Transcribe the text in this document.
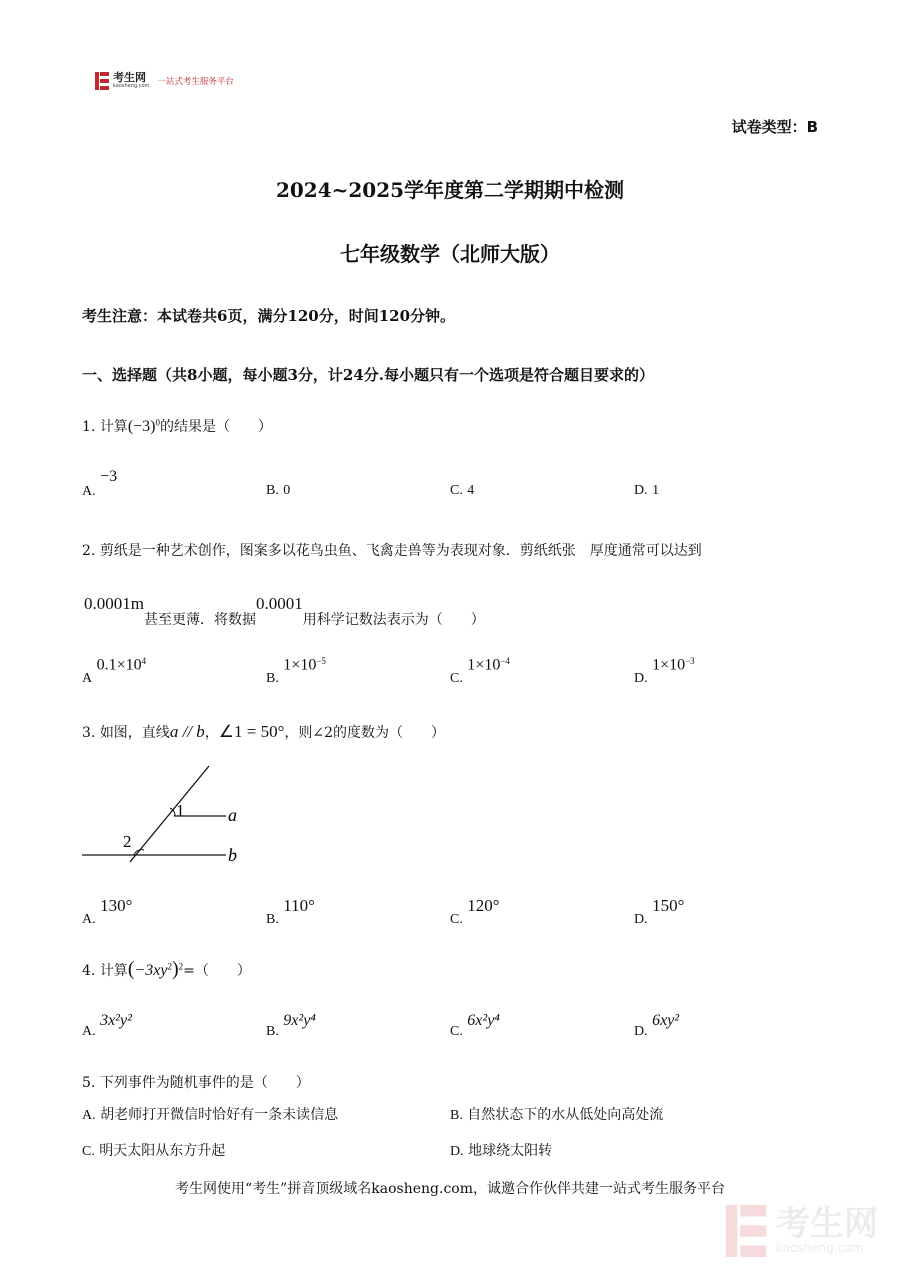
考生网
kaosheng.com 一站式考生服务平台
试卷类型：B
2024~2025学年度第二学期期中检测
七年级数学（北师大版）
考生注意：本试卷共6页，满分120分，时间120分钟。
一、选择题（共8小题，每小题3分，计24分.每小题只有一个选项是符合题目要求的）
1. 计算$(-3)^0$的结果是（　　）
A. −3
B. 0	C. 4	D. 1
2. 剪纸是一种艺术创作，图案多以花鸟虫鱼、飞禽走兽等为表现对象．剪纸纸张　厚度通常可以达到
0.0001m甚至更薄．将数据0.0001用科学记数法表示为（　　）
A $0.1\times 10^4$
B. $1\times 10^{-5}$
C. $1\times 10^{-4}$
D. $1\times 10^{-3}$
3. 如图，直线a // b，∠1 = 50°，则∠2的度数为（　　）
1
2
a
b
A. 130°
B. 110°
C. 120°
D. 150°
4. 计算$(-3xy^2)^2=$（　　）
A. 3x²y²
B. 9x²y⁴
C. 6x²y⁴
D. 6xy²
5. 下列事件为随机事件的是（　　）
A. 胡老师打开微信时恰好有一条未读信息	B. 自然状态下的水从低处向高处流
C. 明天太阳从东方升起	D. 地球绕太阳转
考生网使用“考生”拼音顶级域名kaosheng.com，诚邀合作伙伴共建一站式考生服务平台
考生网
kaosheng.com
